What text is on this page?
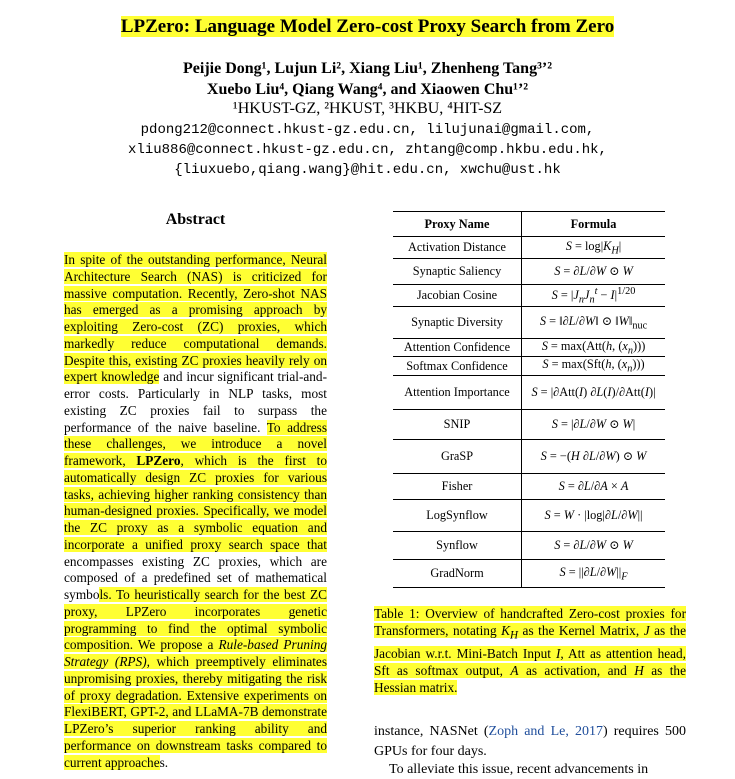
LPZero: Language Model Zero-cost Proxy Search from Zero
Peijie Dong¹, Lujun Li², Xiang Liu¹, Zhenheng Tang³ʼ²
Xuebo Liu⁴, Qiang Wang⁴, and Xiaowen Chu¹ʼ²
¹HKUST-GZ, ²HKUST, ³HKBU, ⁴HIT-SZ
pdong212@connect.hkust-gz.edu.cn, lilujunai@gmail.com,
xliu886@connect.hkust-gz.edu.cn, zhtang@comp.hkbu.edu.hk,
{liuxuebo,qiang.wang}@hit.edu.cn, xwchu@ust.hk
Abstract
In spite of the outstanding performance, Neural Architecture Search (NAS) is criticized for massive computation. Recently, Zero-shot NAS has emerged as a promising approach by exploiting Zero-cost (ZC) proxies, which markedly reduce computational demands. Despite this, existing ZC proxies heavily rely on expert knowledge and incur significant trial-and-error costs. Particularly in NLP tasks, most existing ZC proxies fail to surpass the performance of the naive baseline. To address these challenges, we introduce a novel framework, LPZero, which is the first to automatically design ZC proxies for various tasks, achieving higher ranking consistency than human-designed proxies. Specifically, we model the ZC proxy as a symbolic equation and incorporate a unified proxy search space that encompasses existing ZC proxies, which are composed of a predefined set of mathematical symbols. To heuristically search for the best ZC proxy, LPZero incorporates genetic programming to find the optimal symbolic composition. We propose a Rule-based Pruning Strategy (RPS), which preemptively eliminates unpromising proxies, thereby mitigating the risk of proxy degradation. Extensive experiments on FlexiBERT, GPT-2, and LLaMA-7B demonstrate LPZero’s superior ranking ability and performance on downstream tasks compared to current approaches.
Proxy Name	Formula
Activation Distance	$S = \log|K_H|$
Synaptic Saliency	S = ∂L/∂W ⊙ W
Jacobian Cosine	$S = |J_nJ_n^t - I|^{1/20}$
Synaptic Diversity	S = ‖∂L/∂W‖ ⊙ $‖W‖_{nuc}$
Attention Confidence	S = max(Att(h, $(x_n)$))
Softmax Confidence	S = max(Sft(h, $(x_n)$))
Attention Importance	S = |∂Att(I) ∂L(I)/∂Att(I)|
SNIP	S = |∂L/∂W ⊙ W|
GraSP	S = −(H ∂L/∂W) ⊙ W
Fisher	S = ∂L/∂A × A
LogSynflow	S = W · |log|∂L/∂W||
Synflow	S = ∂L/∂W ⊙ W
GradNorm	$S = ||\partial L/\partial W||_F$
Table 1: Overview of handcrafted Zero-cost proxies for Transformers, notating $K_H$ as the Kernel Matrix, J as the Jacobian w.r.t. Mini-Batch Input I, Att as attention head, Sft as softmax output, A as activation, and H as the Hessian matrix.
instance, NASNet (Zoph and Le, 2017) requires 500 GPUs for four days.
To alleviate this issue, recent advancements in
